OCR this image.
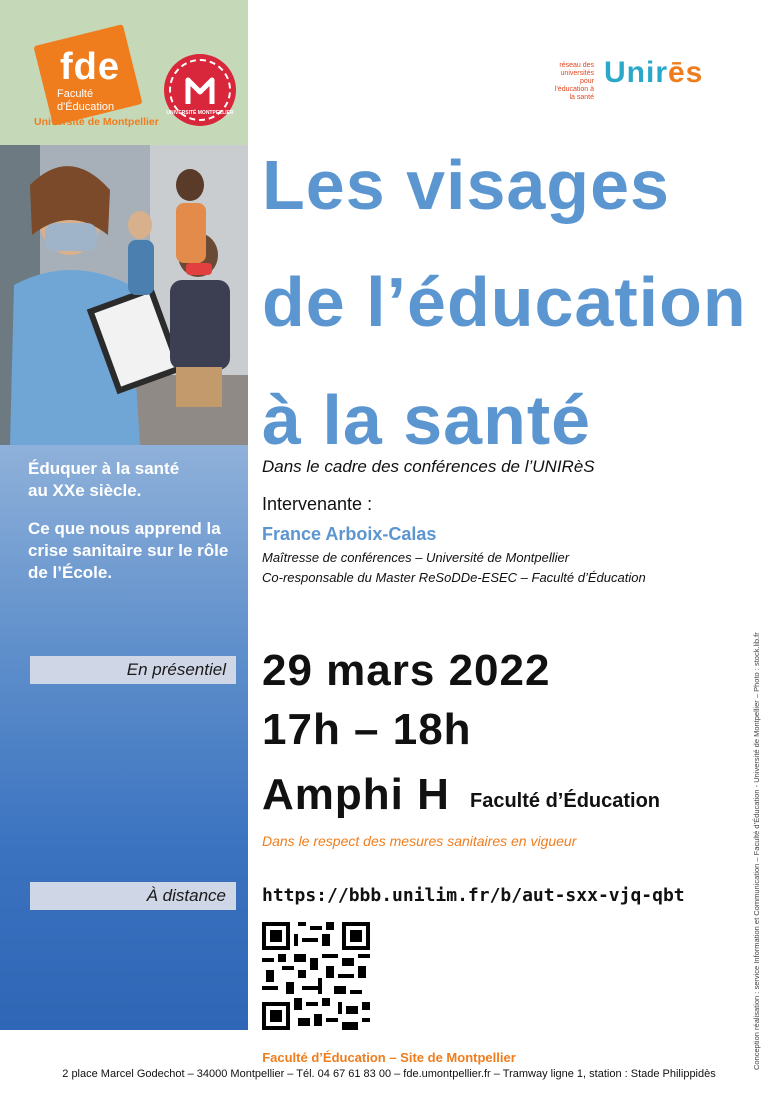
fde
Faculté
d'Éducation
Université de Montpellier
UNIVERSITÉ MONTPELLIER
Éduquer à la santé
au XXe siècle.
Ce que nous apprend la crise sanitaire sur le rôle de l’École.
En présentiel
À distance
réseau des universités pour l'éducation à la santé
Unirēs
Les visages
de l’éducation
à la santé
Dans le cadre des conférences de l’UNIRèS
Intervenante :
France Arboix-Calas
Maîtresse de conférences – Université de Montpellier
Co-responsable du Master ReSoDDe-ESEC – Faculté d’Éducation
29 mars 2022
17h – 18h
Amphi H Faculté d’Éducation
Dans le respect des mesures sanitaires en vigueur
https://bbb.unilim.fr/b/aut-sxx-vjq-qbt
Faculté d’Éducation – Site de Montpellier
2 place Marcel Godechot – 34000 Montpellier – Tél. 04 67 61 83 00 – fde.umontpellier.fr – Tramway ligne 1, station : Stade Philippidès
Conception réalisation : service Information et Communication – Faculté d’Éducation - Université de Montpellier – Photo : stock.lib.fr
